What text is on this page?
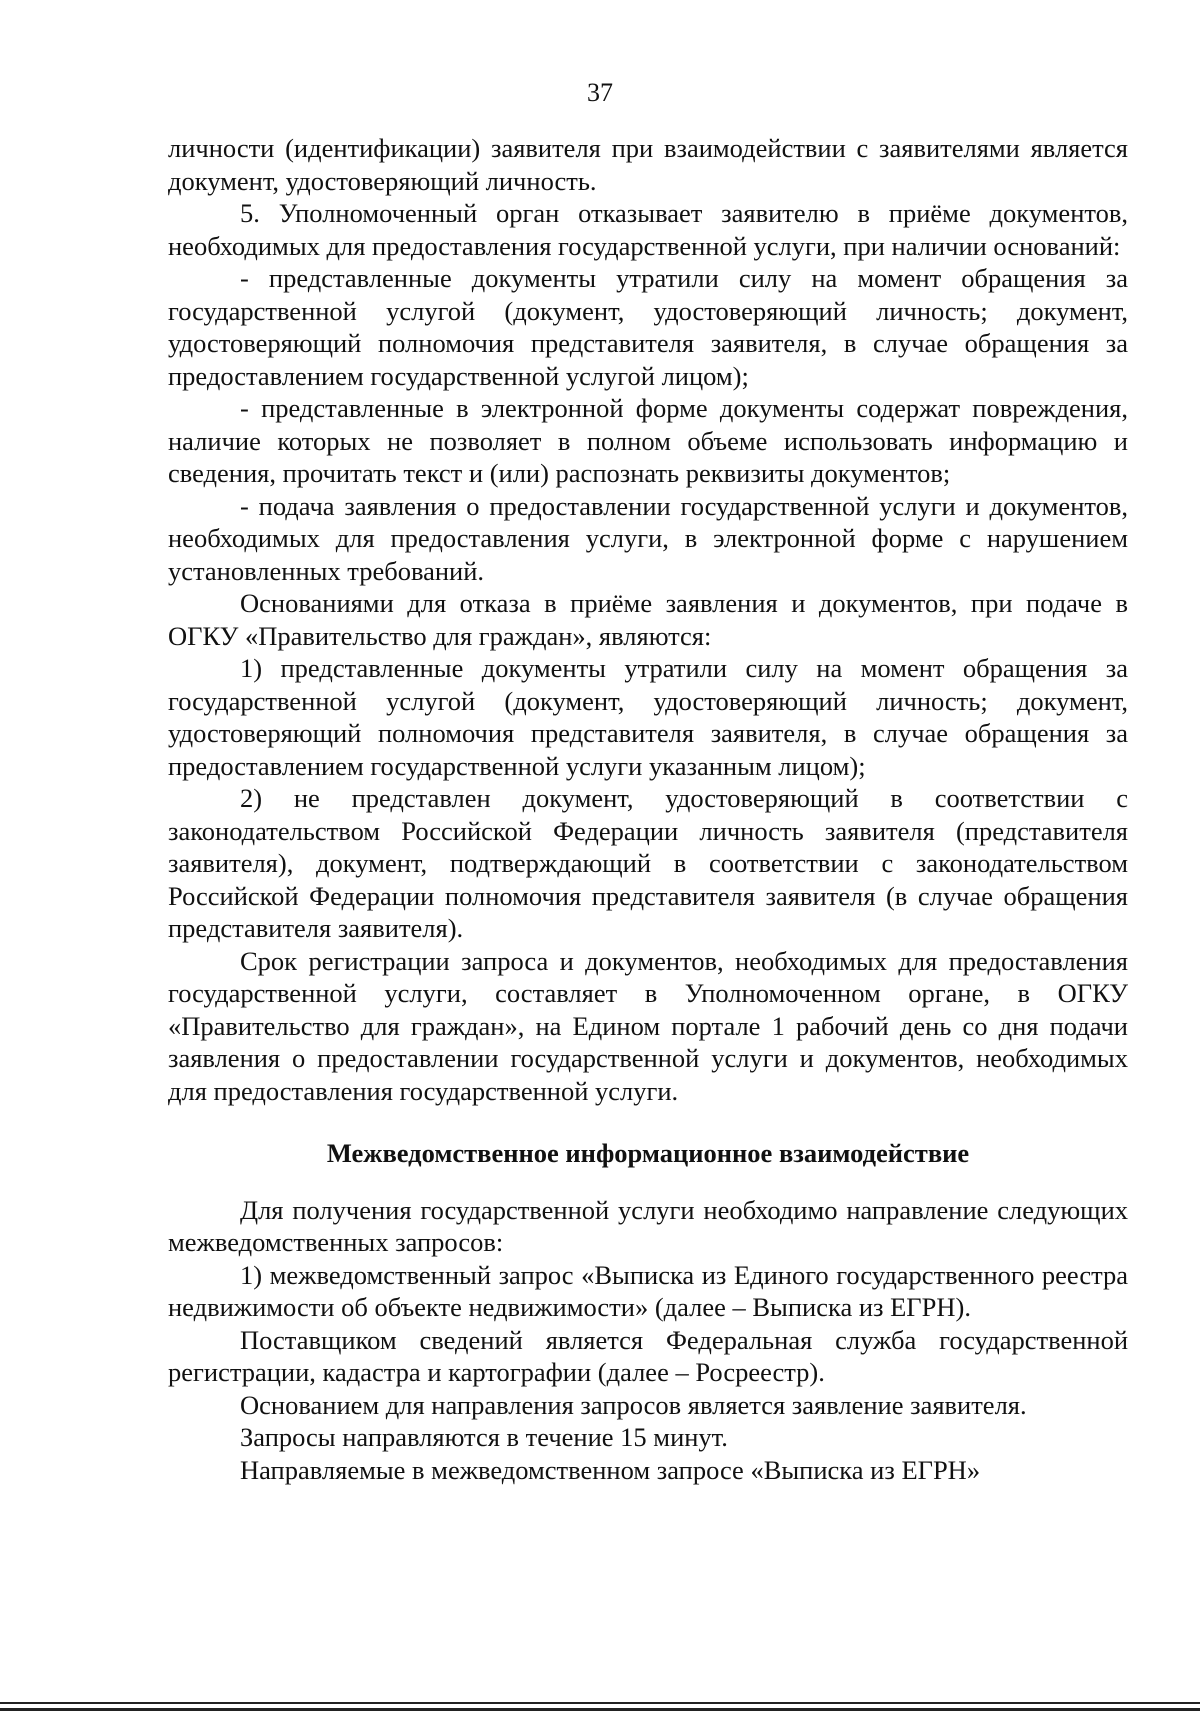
37

личности (идентификации) заявителя при взаимодействии с заявителями является документ, удостоверяющий личность.

5. Уполномоченный орган отказывает заявителю в приёме документов, необходимых для предоставления государственной услуги, при наличии оснований:

- представленные документы утратили силу на момент обращения за государственной услугой (документ, удостоверяющий личность; документ, удостоверяющий полномочия представителя заявителя, в случае обращения за предоставлением государственной услугой лицом);

- представленные в электронной форме документы содержат повреждения, наличие которых не позволяет в полном объеме использовать информацию и сведения, прочитать текст и (или) распознать реквизиты документов;

- подача заявления о предоставлении государственной услуги и документов, необходимых для предоставления услуги, в электронной форме с нарушением установленных требований.

Основаниями для отказа в приёме заявления и документов, при подаче в ОГКУ «Правительство для граждан», являются:

1) представленные документы утратили силу на момент обращения за государственной услугой (документ, удостоверяющий личность; документ, удостоверяющий полномочия представителя заявителя, в случае обращения за предоставлением государственной услуги указанным лицом);

2) не представлен документ, удостоверяющий в соответствии с законодательством Российской Федерации личность заявителя (представителя заявителя), документ, подтверждающий в соответствии с законодательством Российской Федерации полномочия представителя заявителя (в случае обращения представителя заявителя).

Срок регистрации запроса и документов, необходимых для предоставления государственной услуги, составляет в Уполномоченном органе, в ОГКУ «Правительство для граждан», на Едином портале 1 рабочий день со дня подачи заявления о предоставлении государственной услуги и документов, необходимых для предоставления государственной услуги.

Межведомственное информационное взаимодействие

Для получения государственной услуги необходимо направление следующих межведомственных запросов:

1) межведомственный запрос «Выписка из Единого государственного реестра недвижимости об объекте недвижимости» (далее – Выписка из ЕГРН).

Поставщиком сведений является Федеральная служба государственной регистрации, кадастра и картографии (далее – Росреестр).

Основанием для направления запросов является заявление заявителя.

Запросы направляются в течение 15 минут.

Направляемые в межведомственном запросе «Выписка из ЕГРН»
